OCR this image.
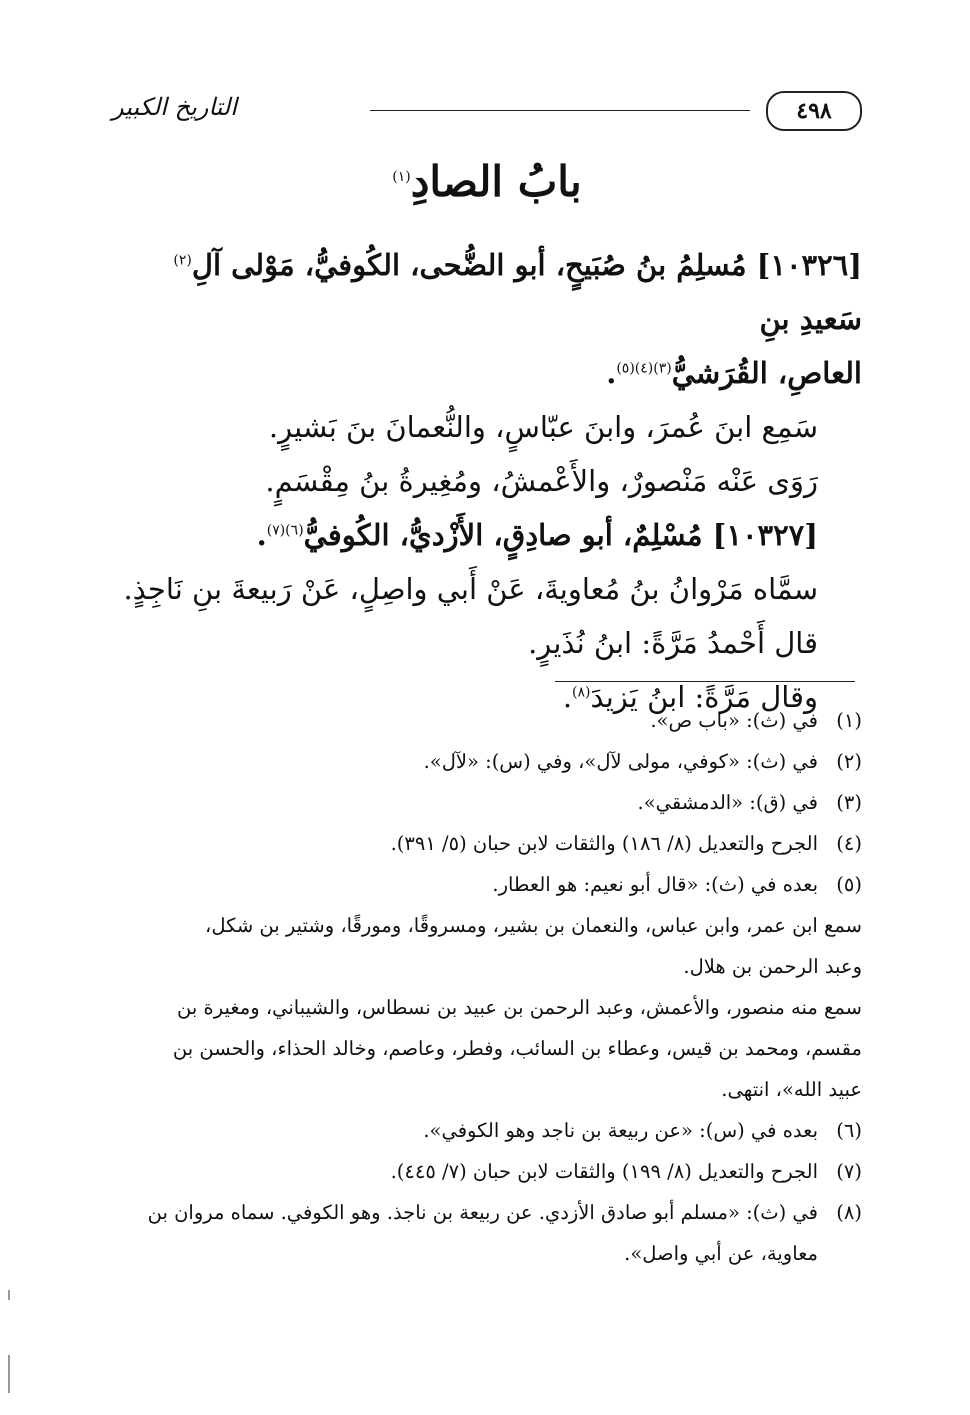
٤٩٨
التاريخ الكبير
بابُ الصادِ$^{(١)}$

[١٠٣٢٦] مُسلِمُ بنُ صُبَيحٍ، أبو الضُّحى، الكُوفيُّ، مَوْلى آلِ$^{(٢)}$ سَعيدِ بنِ

العاصِ، القُرَشيُّ$^{(٣)(٤)(٥)}$.

سَمِع ابنَ عُمرَ، وابنَ عبّاسٍ، والنُّعمانَ بنَ بَشيرٍ.

رَوَى عَنْه مَنْصورٌ، والأَعْمشُ، ومُغِيرةُ بنُ مِقْسَمٍ.

[١٠٣٢٧] مُسْلِمٌ، أبو صادِقٍ، الأَزْديُّ، الكُوفيُّ$^{(٦)(٧)}$.

سمَّاه مَرْوانُ بنُ مُعاويةَ، عَنْ أَبي واصِلٍ، عَنْ رَبيعةَ بنِ نَاجِذٍ.

قال أَحْمدُ مَرَّةً: ابنُ نُذَيرٍ.

وقال مَرَّةً: ابنُ يَزيدَ$^{(٨)}$.

(١)
في (ث): «باب ص».
(٢)
في (ث): «كوفي، مولى لآل»، وفي (س): «لآل».
(٣)
في (ق): «الدمشقي».
(٤)
الجرح والتعديل (٨/ ١٨٦) والثقات لابن حبان (٥/ ٣٩١).
(٥)
بعده في (ث): «قال أبو نعيم: هو العطار.
سمع ابن عمر، وابن عباس، والنعمان بن بشير، ومسروقًا، ومورقًا، وشتير بن شكل،
وعبد الرحمن بن هلال.
سمع منه منصور، والأعمش، وعبد الرحمن بن عبيد بن نسطاس، والشيباني، ومغيرة بن
مقسم، ومحمد بن قيس، وعطاء بن السائب، وفطر، وعاصم، وخالد الحذاء، والحسن بن
عبيد الله»، انتهى.
(٦)
بعده في (س): «عن ربيعة بن ناجد وهو الكوفي».
(٧)
الجرح والتعديل (٨/ ١٩٩) والثقات لابن حبان (٧/ ٤٤٥).
(٨)
في (ث): «مسلم أبو صادق الأزدي. عن ربيعة بن ناجذ. وهو الكوفي. سماه مروان بن
معاوية، عن أبي واصل».
